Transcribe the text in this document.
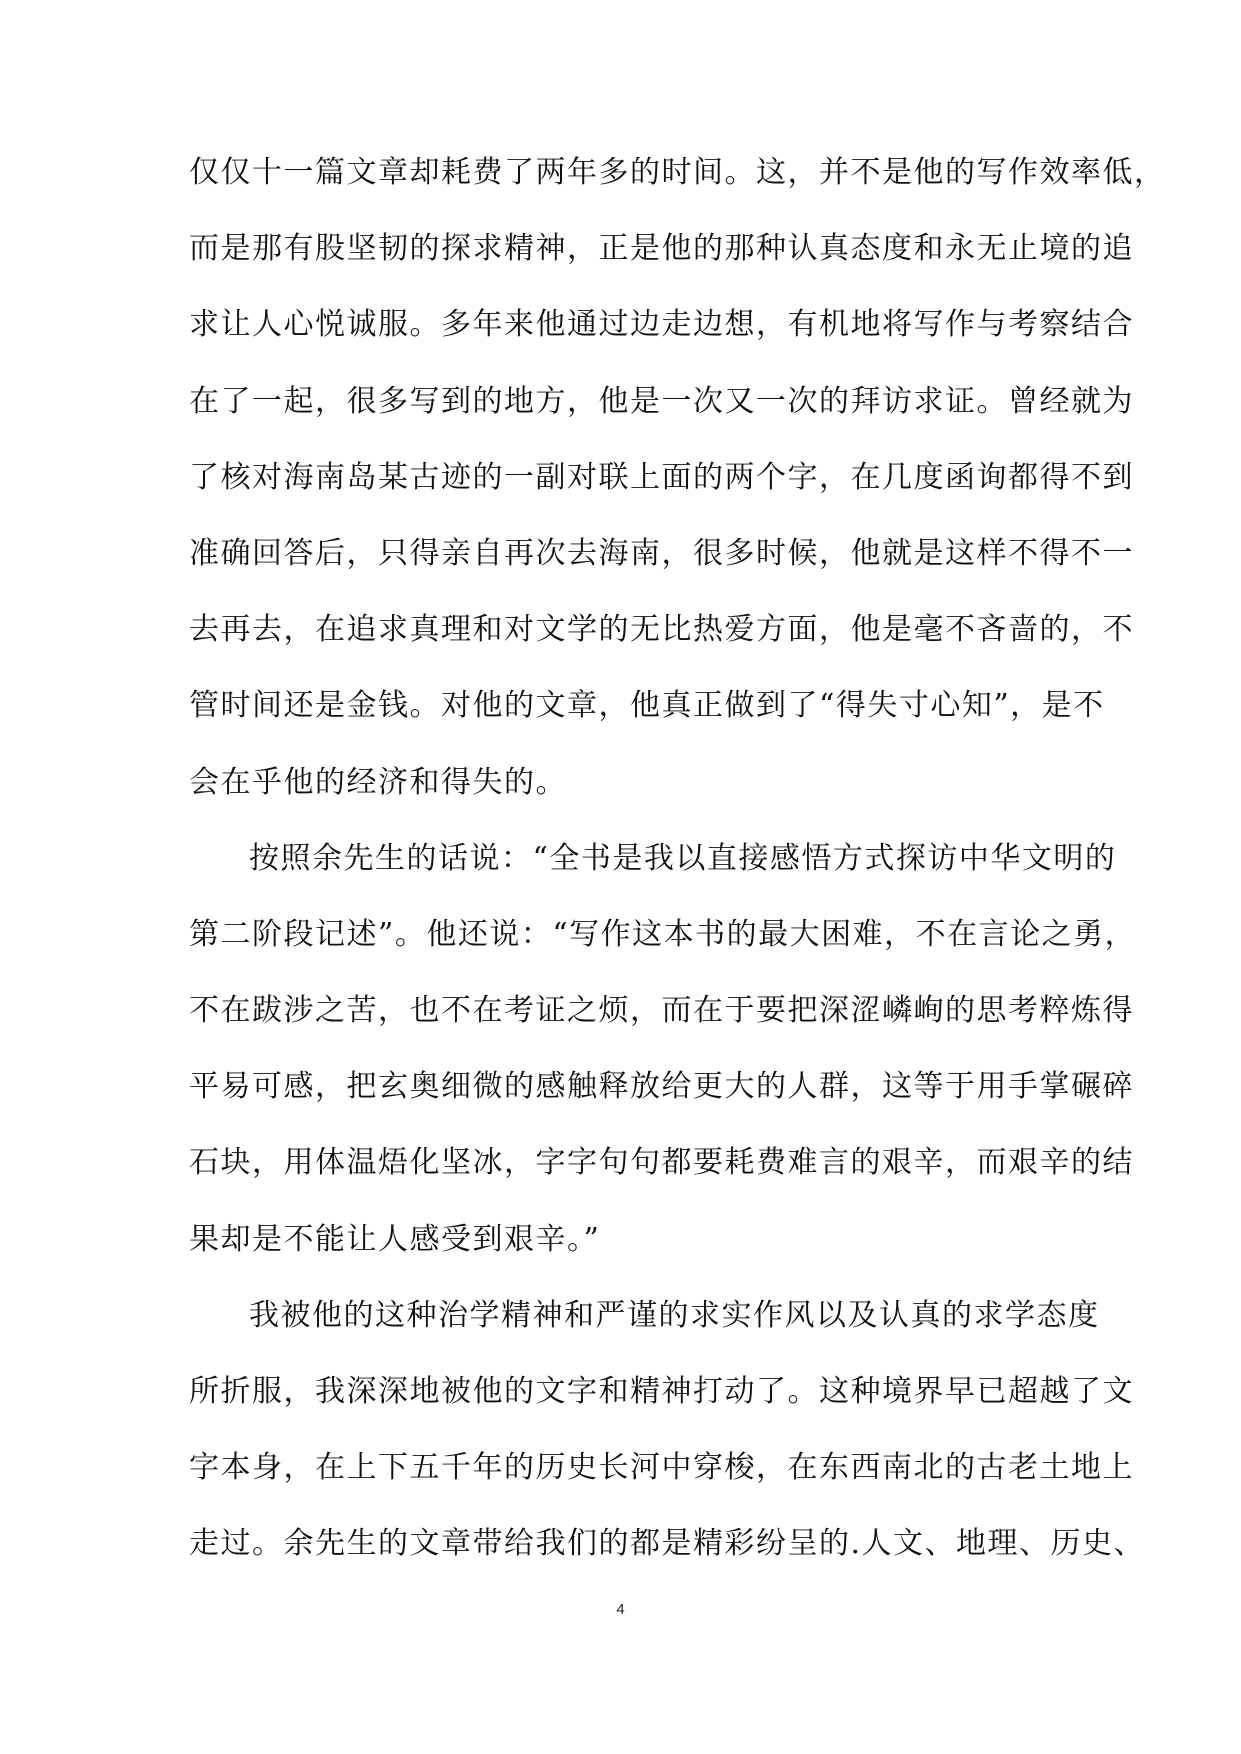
仅仅十一篇文章却耗费了两年多的时间。这，并不是他的写作效率低，
而是那有股坚韧的探求精神，正是他的那种认真态度和永无止境的追
求让人心悦诚服。多年来他通过边走边想，有机地将写作与考察结合
在了一起，很多写到的地方，他是一次又一次的拜访求证。曾经就为
了核对海南岛某古迹的一副对联上面的两个字，在几度函询都得不到
准确回答后，只得亲自再次去海南，很多时候，他就是这样不得不一
去再去，在追求真理和对文学的无比热爱方面，他是毫不吝啬的，不
管时间还是金钱。对他的文章，他真正做到了“得失寸心知”，是不
会在乎他的经济和得失的。
按照余先生的话说：“全书是我以直接感悟方式探访中华文明的
第二阶段记述”。他还说：“写作这本书的最大困难，不在言论之勇，
不在跋涉之苦，也不在考证之烦，而在于要把深涩嶙峋的思考粹炼得
平易可感，把玄奥细微的感触释放给更大的人群，这等于用手掌碾碎
石块，用体温焐化坚冰，字字句句都要耗费难言的艰辛，而艰辛的结
果却是不能让人感受到艰辛。”
我被他的这种治学精神和严谨的求实作风以及认真的求学态度
所折服，我深深地被他的文字和精神打动了。这种境界早已超越了文
字本身，在上下五千年的历史长河中穿梭，在东西南北的古老土地上
走过。余先生的文章带给我们的都是精彩纷呈的.人文、地理、历史、
4
